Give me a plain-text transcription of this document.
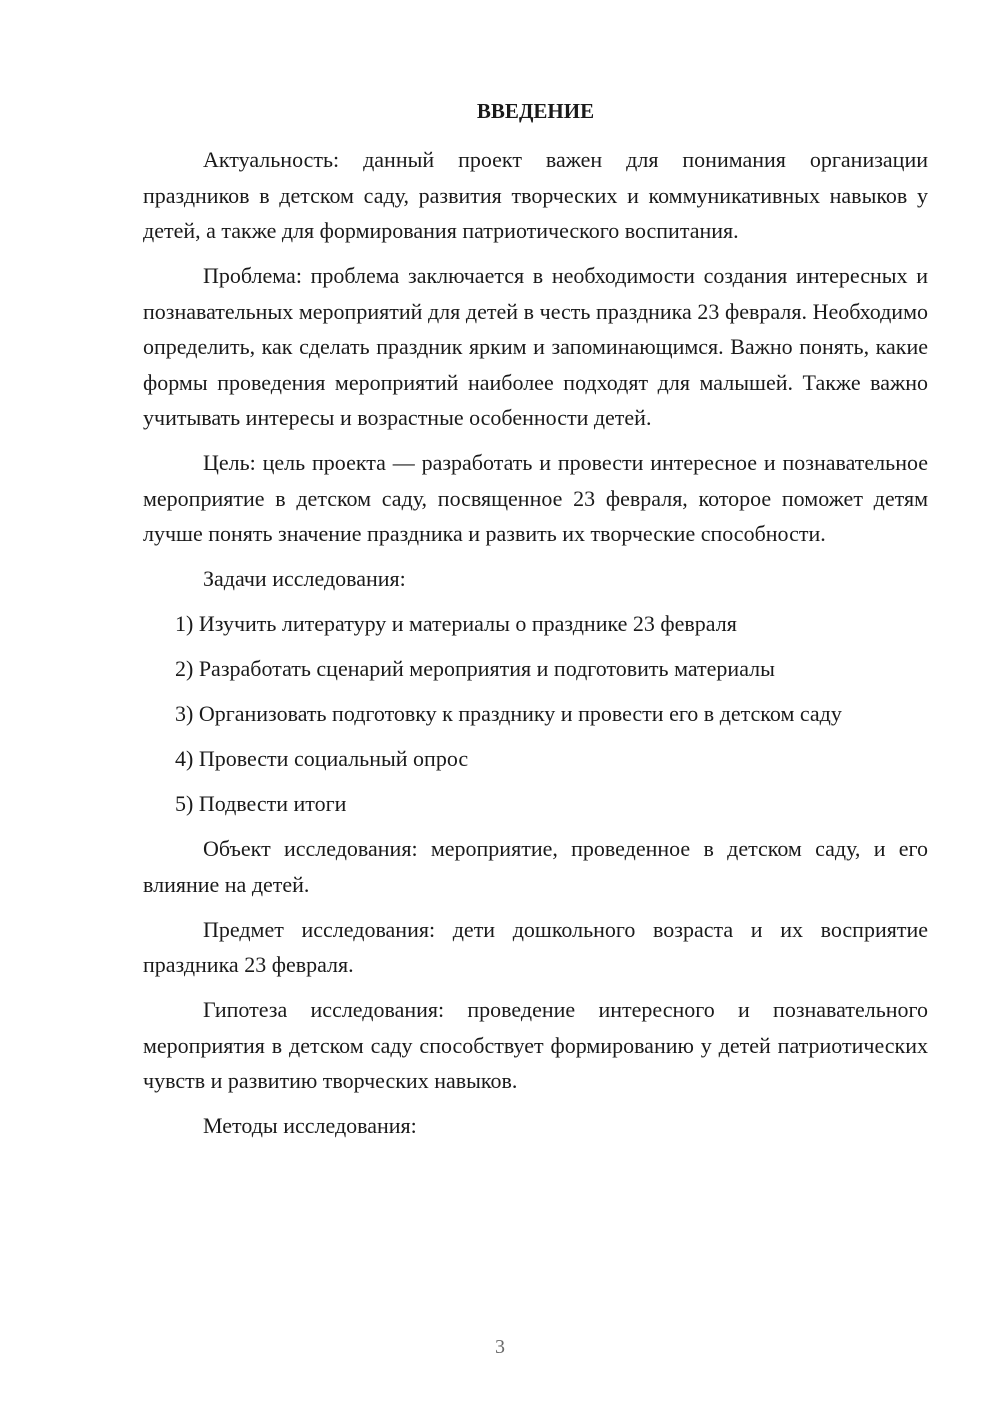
ВВЕДЕНИЕ

Актуальность: данный проект важен для понимания организации праздников в детском саду, развития творческих и коммуникативных навыков у детей, а также для формирования патриотического воспитания.

Проблема: проблема заключается в необходимости создания интересных и познавательных мероприятий для детей в честь праздника 23 февраля. Необходимо определить, как сделать праздник ярким и запоминающимся. Важно понять, какие формы проведения мероприятий наиболее подходят для малышей. Также важно учитывать интересы и возрастные особенности детей.

Цель: цель проекта — разработать и провести интересное и познавательное мероприятие в детском саду, посвященное 23 февраля, которое поможет детям лучше понять значение праздника и развить их творческие способности.

Задачи исследования:

1) Изучить литературу и материалы о празднике 23 февраля

2) Разработать сценарий мероприятия и подготовить материалы

3) Организовать подготовку к празднику и провести его в детском саду

4) Провести социальный опрос

5) Подвести итоги

Объект исследования: мероприятие, проведенное в детском саду, и его влияние на детей.

Предмет исследования: дети дошкольного возраста и их восприятие праздника 23 февраля.

Гипотеза исследования: проведение интересного и познавательного мероприятия в детском саду способствует формированию у детей патриотических чувств и развитию творческих навыков.

Методы исследования:

3
